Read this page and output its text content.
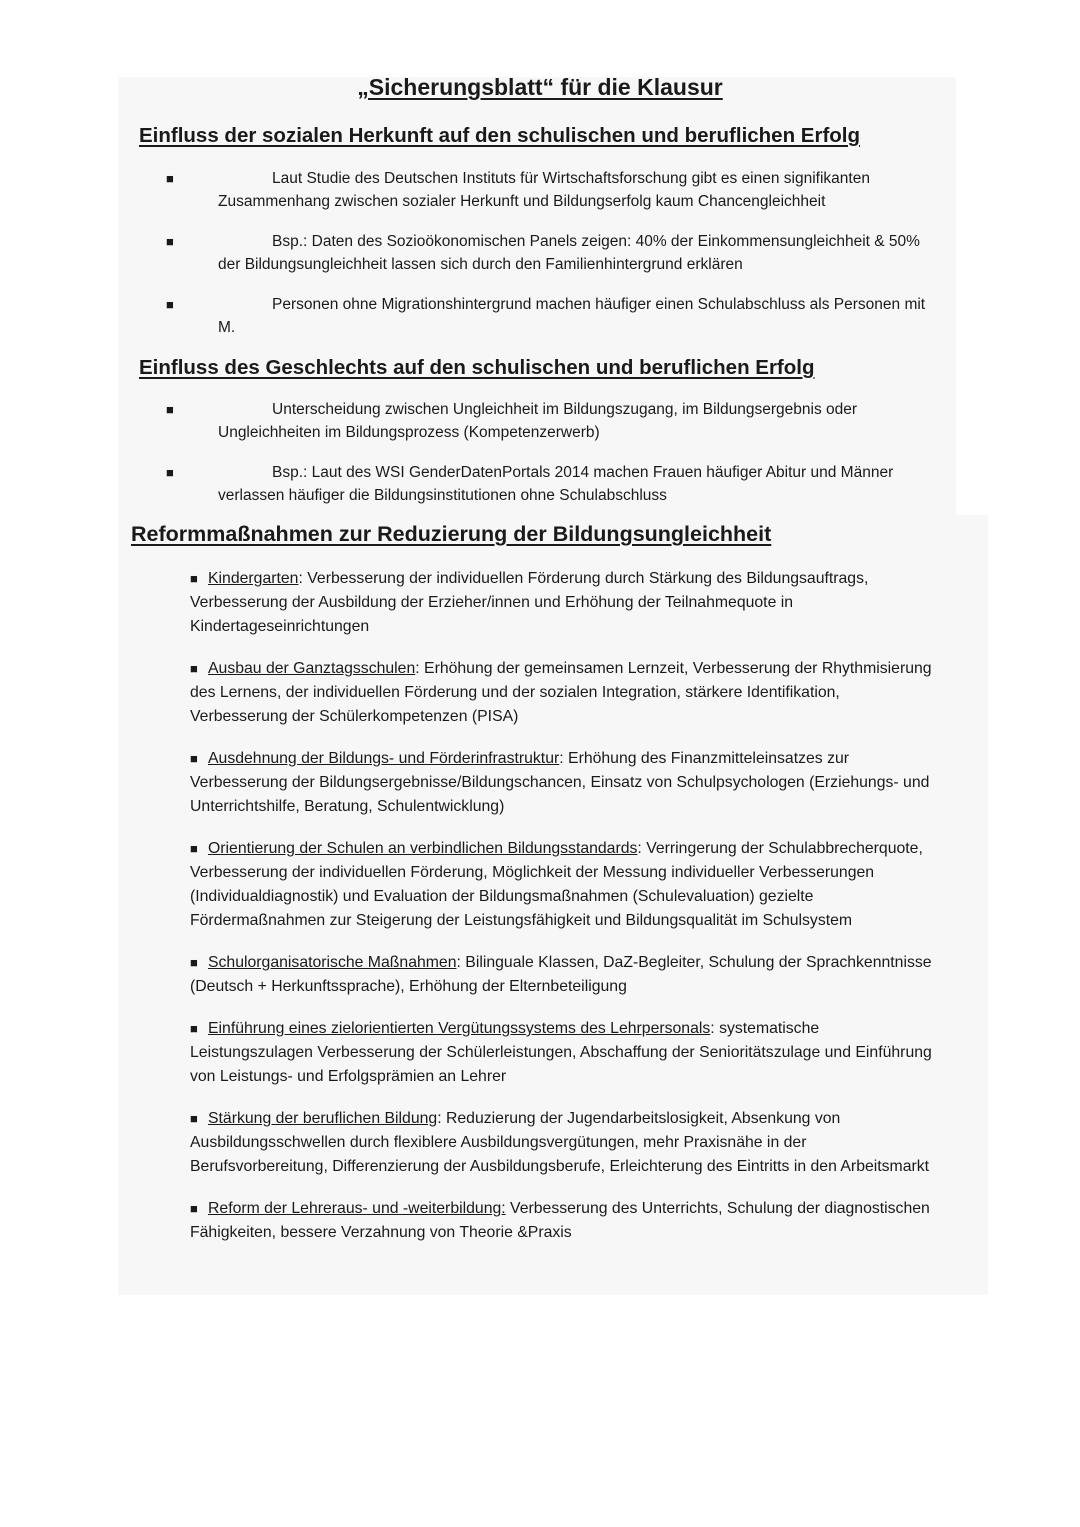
„Sicherungsblatt“ für die Klausur
Einfluss der sozialen Herkunft auf den schulischen und beruflichen Erfolg
■	Laut Studie des Deutschen Instituts für Wirtschaftsforschung gibt es einen signifikanten Zusammenhang zwischen sozialer Herkunft und Bildungserfolg kaum Chancengleichheit
■	Bsp.: Daten des Sozioökonomischen Panels zeigen: 40% der Einkommensungleichheit & 50% der Bildungsungleichheit lassen sich durch den Familienhintergrund erklären
■	Personen ohne Migrationshintergrund machen häufiger einen Schulabschluss als Personen mit M.
Einfluss des Geschlechts auf den schulischen und beruflichen Erfolg
■	Unterscheidung zwischen Ungleichheit im Bildungszugang, im Bildungsergebnis oder Ungleichheiten im Bildungsprozess (Kompetenzerwerb)
■	Bsp.: Laut des WSI GenderDatenPortals 2014 machen Frauen häufiger Abitur und Männer verlassen häufiger die Bildungsinstitutionen ohne Schulabschluss
Reformmaßnahmen zur Reduzierung der Bildungsungleichheit
■ Kindergarten: Verbesserung der individuellen Förderung durch Stärkung des Bildungsauftrags, Verbesserung der Ausbildung der Erzieher/innen und Erhöhung der Teilnahmequote in Kindertageseinrichtungen
■ Ausbau der Ganztagsschulen: Erhöhung der gemeinsamen Lernzeit, Verbesserung der Rhythmisierung des Lernens, der individuellen Förderung und der sozialen Integration, stärkere Identifikation, Verbesserung der Schülerkompetenzen (PISA)
■ Ausdehnung der Bildungs- und Förderinfrastruktur: Erhöhung des Finanzmitteleinsatzes zur Verbesserung der Bildungsergebnisse/Bildungschancen, Einsatz von Schulpsychologen (Erziehungs- und Unterrichtshilfe, Beratung, Schulentwicklung)
■ Orientierung der Schulen an verbindlichen Bildungsstandards: Verringerung der Schulabbrecherquote, Verbesserung der individuellen Förderung, Möglichkeit der Messung individueller Verbesserungen (Individualdiagnostik) und Evaluation der Bildungsmaßnahmen (Schulevaluation) gezielte Fördermaßnahmen zur Steigerung der Leistungsfähigkeit und Bildungsqualität im Schulsystem
■ Schulorganisatorische Maßnahmen: Bilinguale Klassen, DaZ-Begleiter, Schulung der Sprachkenntnisse (Deutsch + Herkunftssprache), Erhöhung der Elternbeteiligung
■ Einführung eines zielorientierten Vergütungssystems des Lehrpersonals: systematische Leistungszulagen Verbesserung der Schülerleistungen, Abschaffung der Senioritätszulage und Einführung von Leistungs- und Erfolgsprämien an Lehrer
■ Stärkung der beruflichen Bildung: Reduzierung der Jugendarbeitslosigkeit, Absenkung von Ausbildungsschwellen durch flexiblere Ausbildungsvergütungen, mehr Praxisnähe in der Berufsvorbereitung, Differenzierung der Ausbildungsberufe, Erleichterung des Eintritts in den Arbeitsmarkt
■ Reform der Lehreraus- und -weiterbildung: Verbesserung des Unterrichts, Schulung der diagnostischen Fähigkeiten, bessere Verzahnung von Theorie &Praxis
